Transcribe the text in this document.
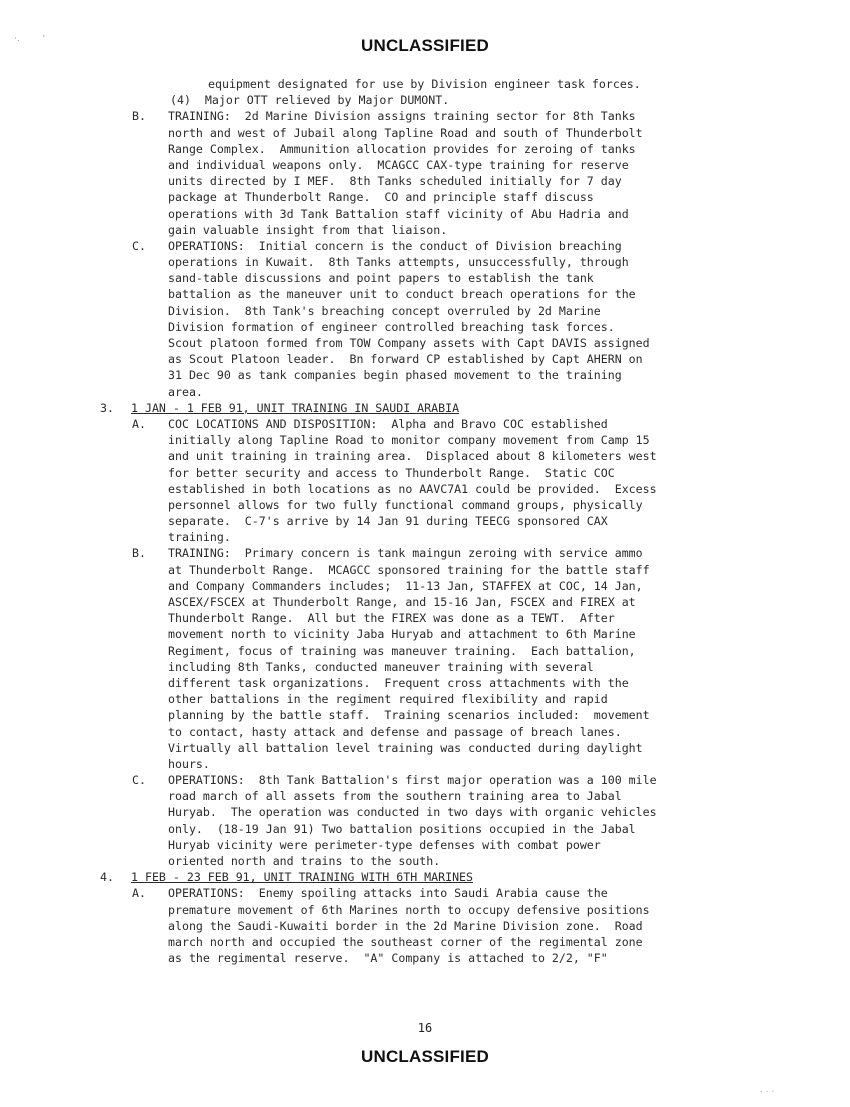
·.        '	UNCLASSIFIED
equipment designated for use by Division engineer task forces.
(4)  Major OTT relieved by Major DUMONT.
B. TRAINING:  2d Marine Division assigns training sector for 8th Tanks
north and west of Jubail along Tapline Road and south of Thunderbolt
Range Complex.  Ammunition allocation provides for zeroing of tanks
and individual weapons only.  MCAGCC CAX-type training for reserve
units directed by I MEF.  8th Tanks scheduled initially for 7 day
package at Thunderbolt Range.  CO and principle staff discuss
operations with 3d Tank Battalion staff vicinity of Abu Hadria and
gain valuable insight from that liaison.
C. OPERATIONS:  Initial concern is the conduct of Division breaching
operations in Kuwait.  8th Tanks attempts, unsuccessfully, through
sand-table discussions and point papers to establish the tank
battalion as the maneuver unit to conduct breach operations for the
Division.  8th Tank's breaching concept overruled by 2d Marine
Division formation of engineer controlled breaching task forces.
Scout platoon formed from TOW Company assets with Capt DAVIS assigned
as Scout Platoon leader.  Bn forward CP established by Capt AHERN on
31 Dec 90 as tank companies begin phased movement to the training
area.
3. 1 JAN - 1 FEB 91, UNIT TRAINING IN SAUDI ARABIA
A. COC LOCATIONS AND DISPOSITION:  Alpha and Bravo COC established
initially along Tapline Road to monitor company movement from Camp 15
and unit training in training area.  Displaced about 8 kilometers west
for better security and access to Thunderbolt Range.  Static COC
established in both locations as no AAVC7A1 could be provided.  Excess
personnel allows for two fully functional command groups, physically
separate.  C-7's arrive by 14 Jan 91 during TEECG sponsored CAX
training.
B. TRAINING:  Primary concern is tank maingun zeroing with service ammo
at Thunderbolt Range.  MCAGCC sponsored training for the battle staff
and Company Commanders includes;  11-13 Jan, STAFFEX at COC, 14 Jan,
ASCEX/FSCEX at Thunderbolt Range, and 15-16 Jan, FSCEX and FIREX at
Thunderbolt Range.  All but the FIREX was done as a TEWT.  After
movement north to vicinity Jaba Huryab and attachment to 6th Marine
Regiment, focus of training was maneuver training.  Each battalion,
including 8th Tanks, conducted maneuver training with several
different task organizations.  Frequent cross attachments with the
other battalions in the regiment required flexibility and rapid
planning by the battle staff.  Training scenarios included:  movement
to contact, hasty attack and defense and passage of breach lanes.
Virtually all battalion level training was conducted during daylight
hours.
C. OPERATIONS:  8th Tank Battalion's first major operation was a 100 mile
road march of all assets from the southern training area to Jabal
Huryab.  The operation was conducted in two days with organic vehicles
only.  (18-19 Jan 91) Two battalion positions occupied in the Jabal
Huryab vicinity were perimeter-type defenses with combat power
oriented north and trains to the south.
4. 1 FEB - 23 FEB 91, UNIT TRAINING WITH 6TH MARINES
A. OPERATIONS:  Enemy spoiling attacks into Saudi Arabia cause the
premature movement of 6th Marines north to occupy defensive positions
along the Saudi-Kuwaiti border in the 2d Marine Division zone.  Road
march north and occupied the southeast corner of the regimental zone
as the regimental reserve.  "A" Company is attached to 2/2, "F"
16
UNCLASSIFIED
. . .
